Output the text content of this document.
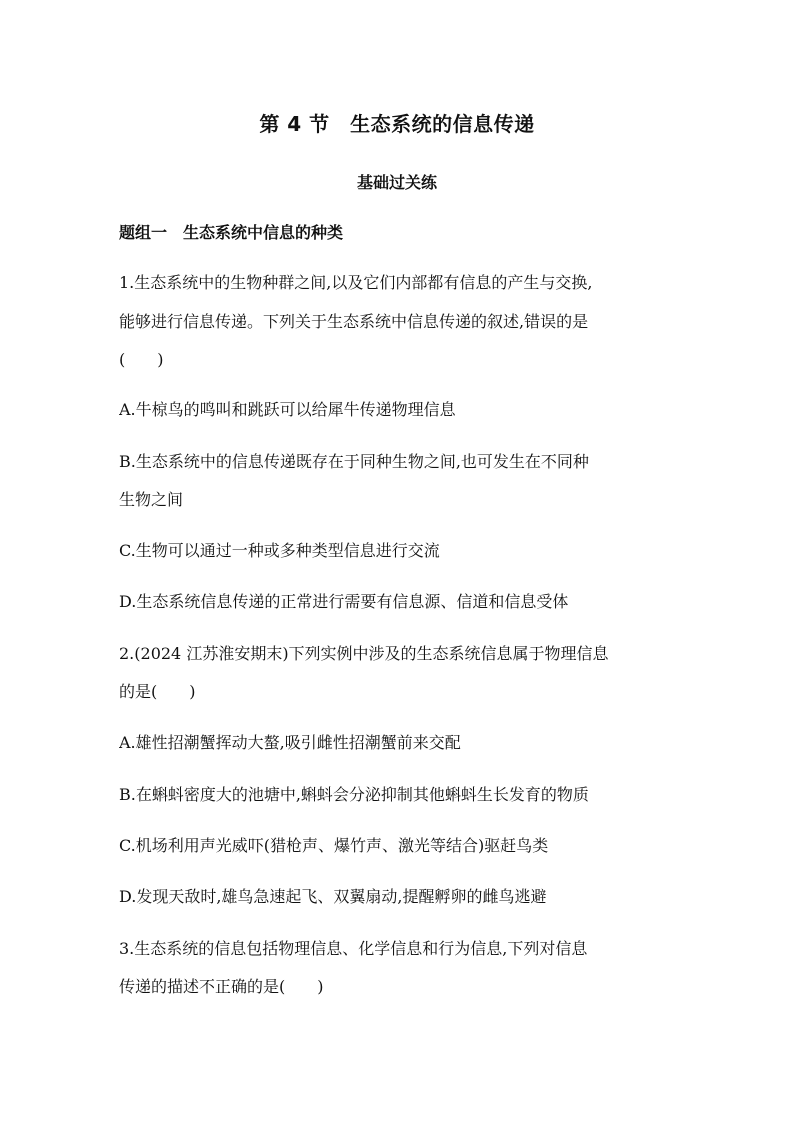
第 4 节　生态系统的信息传递
基础过关练
题组一　生态系统中信息的种类
1.生态系统中的生物种群之间,以及它们内部都有信息的产生与交换,
能够进行信息传递。下列关于生态系统中信息传递的叙述,错误的是
(　　)
A.牛椋鸟的鸣叫和跳跃可以给犀牛传递物理信息
B.生态系统中的信息传递既存在于同种生物之间,也可发生在不同种
生物之间
C.生物可以通过一种或多种类型信息进行交流
D.生态系统信息传递的正常进行需要有信息源、信道和信息受体
2.(2024 江苏淮安期末)下列实例中涉及的生态系统信息属于物理信息
的是(　　)
A.雄性招潮蟹挥动大螯,吸引雌性招潮蟹前来交配
B.在蝌蚪密度大的池塘中,蝌蚪会分泌抑制其他蝌蚪生长发育的物质
C.机场利用声光威吓(猎枪声、爆竹声、激光等结合)驱赶鸟类
D.发现天敌时,雄鸟急速起飞、双翼扇动,提醒孵卵的雌鸟逃避
3.生态系统的信息包括物理信息、化学信息和行为信息,下列对信息
传递的描述不正确的是(　　)
